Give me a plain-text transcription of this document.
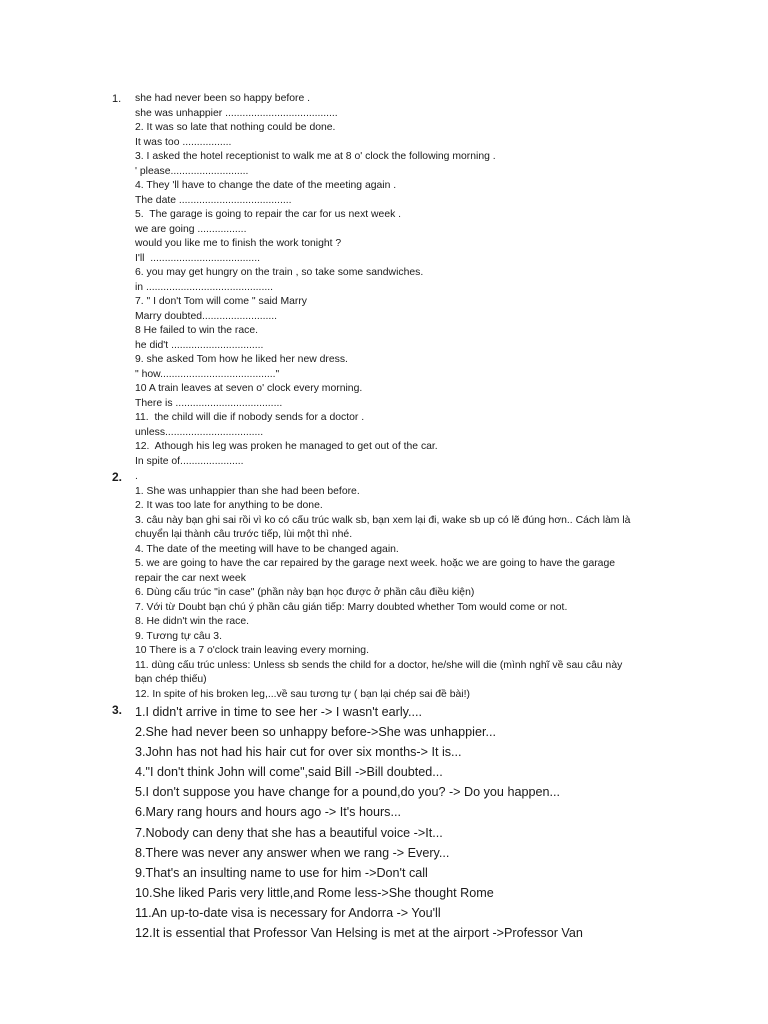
1. she had never been so happy before .
she was unhappier .......................................
2. It was so late that nothing could be done.
It was too .................
3. I asked the hotel receptionist to walk me at 8 o' clock the following morning .
' please...........................
4. They 'll have to change the date of the meeting again .
The date .......................................
5.  The garage is going to repair the car for us next week .
we are going .................
would you like me to finish the work tonight ?
I'll  ......................................
6. you may get hungry on the train , so take some sandwiches.
in ............................................
7. " I don't Tom will come " said Marry
Marry doubted..........................
8 He failed to win the race.
he did't ................................
9. she asked Tom how he liked her new dress.
" how........................................"
10 A train leaves at seven o' clock every morning.
There is .....................................
11.  the child will die if nobody sends for a doctor .
unless..................................
12.  Athough his leg was proken he managed to get out of the car.
In spite of......................
2. .
1. She was unhappier than she had been before.
2. It was too late for anything to be done.
3. câu này bạn ghi sai rồi vì ko có cấu trúc walk sb, bạn xem lại đi, wake sb up có lẽ đúng hơn.. Cách làm là
chuyển lại thành câu trước tiếp, lùi một thì nhé.
4. The date of the meeting will have to be changed again.
5. we are going to have the car repaired by the garage next week. hoặc we are going to have the garage
repair the car next week
6. Dùng cấu trúc "in case" (phần này bạn học được ở phần câu điều kiện)
7. Với từ Doubt bạn chú ý phần câu gián tiếp: Marry doubted whether Tom would come or not.
8. He didn't win the race.
9. Tương tự câu 3.
10 There is a 7 o'clock train leaving every morning.
11. dùng cấu trúc unless: Unless sb sends the child for a doctor, he/she will die (mình nghĩ về sau câu này
bạn chép thiếu)
12. In spite of his broken leg,...về sau tương tự ( bạn lại chép sai đề bài!)
3. 1.I didn't arrive in time to see her -> I wasn't early....
2.She had never been so unhappy before->She was unhappier...
3.John has not had his hair cut for over six months-> It is...
4."I don't think John will come",said Bill ->Bill doubted...
5.I don't suppose you have change for a pound,do you? -> Do you happen...
6.Mary rang hours and hours ago -> It's hours...
7.Nobody can deny that she has a beautiful voice ->It...
8.There was never any answer when we rang -> Every...
9.That's an insulting name to use for him ->Don't call
10.She liked Paris very little,and Rome less->She thought Rome
11.An up-to-date visa is necessary for Andorra -> You'll
12.It is essential that Professor Van Helsing is met at the airport ->Professor Van
